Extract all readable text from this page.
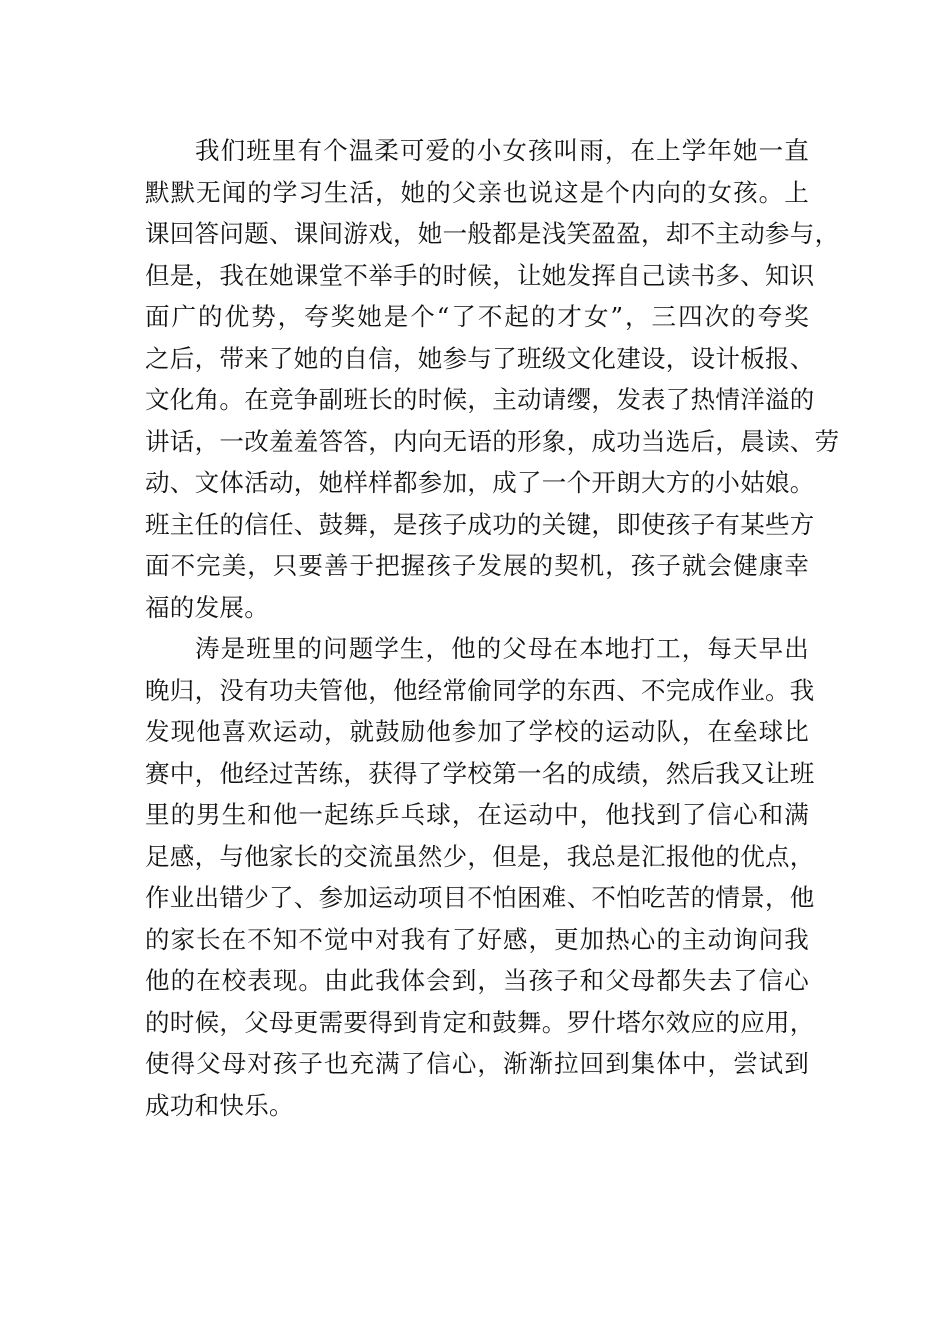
我们班里有个温柔可爱的小女孩叫雨，在上学年她一直
默默无闻的学习生活，她的父亲也说这是个内向的女孩。上
课回答问题、课间游戏，她一般都是浅笑盈盈，却不主动参与，
但是，我在她课堂不举手的时候，让她发挥自己读书多、知识
面广的优势，夸奖她是个“了不起的才女”，三四次的夸奖
之后，带来了她的自信，她参与了班级文化建设，设计板报、
文化角。在竞争副班长的时候，主动请缨，发表了热情洋溢的
讲话，一改羞羞答答，内向无语的形象，成功当选后，晨读、劳
动、文体活动，她样样都参加，成了一个开朗大方的小姑娘。
班主任的信任、鼓舞，是孩子成功的关键，即使孩子有某些方
面不完美，只要善于把握孩子发展的契机，孩子就会健康幸
福的发展。
涛是班里的问题学生，他的父母在本地打工，每天早出
晚归，没有功夫管他，他经常偷同学的东西、不完成作业。我
发现他喜欢运动，就鼓励他参加了学校的运动队，在垒球比
赛中，他经过苦练，获得了学校第一名的成绩，然后我又让班
里的男生和他一起练乒乓球，在运动中，他找到了信心和满
足感，与他家长的交流虽然少，但是，我总是汇报他的优点，
作业出错少了、参加运动项目不怕困难、不怕吃苦的情景，他
的家长在不知不觉中对我有了好感，更加热心的主动询问我
他的在校表现。由此我体会到，当孩子和父母都失去了信心
的时候，父母更需要得到肯定和鼓舞。罗什塔尔效应的应用，
使得父母对孩子也充满了信心，渐渐拉回到集体中，尝试到
成功和快乐。
